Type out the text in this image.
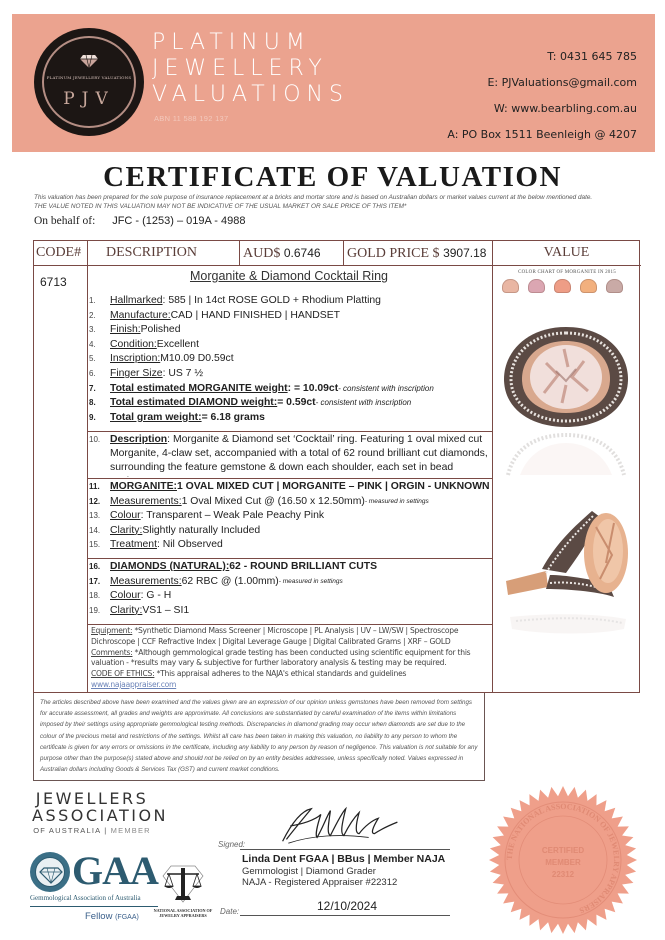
PLATINUM JEWELLERY VALUATIONS
PJV
PLATINUM
JEWELLERY
VALUATIONS
ABN 11 588 192 137
T: 0431 645 785
E: PJValuations@gmail.com
W: www.bearbling.com.au
A: PO Box 1511 Beenleigh @ 4207
CERTIFICATE OF VALUATION
This valuation has been prepared for the sole purpose of insurance replacement at a bricks and mortar store and is based on Australian dollars or market values current at the below mentioned date.
THE VALUE NOTED IN THIS VALUATION MAY NOT BE INDICATIVE OF THE USUAL MARKET OR SALE PRICE OF THIS ITEM*
On behalf of: JFC - (1253) – 019A - 4988
CODE#	DESCRIPTION	AUD$ 0.6746	GOLD PRICE $ 3907.18	VALUE
6713	Morganite & Diamond Cocktail Ring
1.	Hallmarked : 585 | In 14ct ROSE GOLD + Rhodium Platting
2.	Manufacture: CAD | HAND FINISHED | HANDSET
3.	Finish: Polished
4.	Condition: Excellent
5.	Inscription: M10.09 D0.59ct
6.	Finger Size : US 7 ½
7.	Total estimated MORGANITE weight : = 10.09ct - consistent with inscription
8.	Total estimated DIAMOND weight: = 0.59ct - consistent with inscription
9.	Total gram weight: = 6.18 grams
10. Description: Morganite & Diamond set ‘Cocktail’ ring. Featuring 1 oval mixed cut Morganite, 4-claw set, accompanied with a total of 62 round brilliant cut diamonds, surrounding the feature gemstone & down each shoulder, each set in bead
11. MORGANITE: 1 OVAL MIXED CUT | MORGANITE – PINK | ORGIN - UNKNOWN
12. Measurements: 1 Oval Mixed Cut @ (16.50 x 12.50mm) - measured in settings
13. Colour : Transparent – Weak Pale Peachy Pink
14. Clarity: Slightly naturally Included
15. Treatment : Nil Observed
16. DIAMONDS (NATURAL): 62 - ROUND BRILLIANT CUTS
17. Measurements: 62 RBC @ (1.00mm) - measured in settings
18. Colour : G - H
19. Clarity: VS1 – SI1
Equipment: *Synthetic Diamond Mass Screener | Microscope | PL Analysis | UV – LW/SW | Spectroscope Dichroscope | CCF Refractive Index | Digital Leverage Gauge | Digital Calibrated Grams | XRF – GOLD
Comments: *Although gemmological grade testing has been conducted using scientific equipment for this valuation - *results may vary & subjective for further laboratory analysis & testing may be required.
CODE OF ETHICS: *This appraisal adheres to the NAJA's ethical standards and guidelines
www.najaappraiser.com
COLOR CHART OF MORGANITE IN 2015
The articles described above have been examined and the values given are an expression of our opinion unless gemstones have been removed from settings for accurate assessment, all grades and weights are approximate. All conclusions are substantiated by careful examination of the items within limitations imposed by their settings using appropriate gemmological testing methods. Discrepancies in diamond grading may occur when diamonds are set due to the colour of the precious metal and restrictions of the settings. Whilst all care has been taken in making this valuation, no liability to any person to whom the certificate is given for any errors or omissions in the certificate, including any liability to any person by reason of negligence. This valuation is not suitable for any purpose other than the purpose(s) stated above and should not be relied on by an entity besides addressee, unless specifically noted. Values expressed in Australian dollars including Goods & Services Tax (GST) and current market conditions.
JEWELLERS
ASSOCIATION
OF AUSTRALIA | MEMBER
GAA
Gemmological Association of Australia
Fellow (FGAA)
NATIONAL ASSOCIATION OF
JEWELRY APPRAISERS
Signed:
Linda Dent FGAA | BBus | Member NAJA
Gemmologist | Diamond Grader
NAJA - Registered Appraiser #22312
Date:	12/10/2024
THE NATIONAL ASSOCIATION OF JEWELRY APPRAISERS
CERTIFIED
MEMBER
22312
